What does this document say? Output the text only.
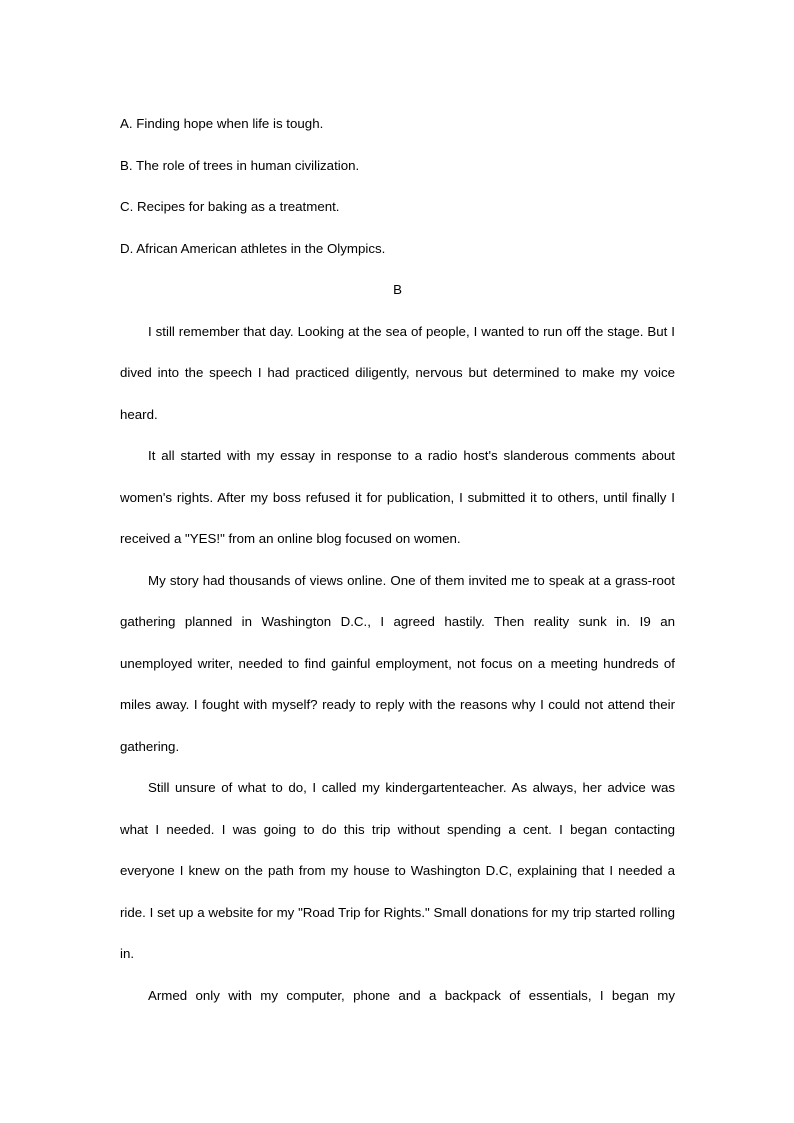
A. Finding hope when life is tough.

B. The role of trees in human civilization.

C. Recipes for baking as a treatment.

D. African American athletes in the Olympics.

B

I still remember that day. Looking at the sea of people, I wanted to run off the stage. But I dived into the speech I had practiced diligently, nervous but determined to make my voice heard.

It all started with my essay in response to a radio host's slanderous comments about women's rights. After my boss refused it for publication, I submitted it to others, until finally I received a "YES!" from an online blog focused on women.

My story had thousands of views online. One of them invited me to speak at a grass-root gathering planned in Washington D.C., I agreed hastily. Then reality sunk in. I9 an unemployed writer, needed to find gainful employment, not focus on a meeting hundreds of miles away. I fought with myself? ready to reply with the reasons why I could not attend their gathering.

Still unsure of what to do, I called my kindergartenteacher. As always, her advice was what I needed. I was going to do this trip without spending a cent. I began contacting everyone I knew on the path from my house to Washington D.C, explaining that I needed a ride. I set up a website for my "Road Trip for Rights." Small donations for my trip started rolling in.

Armed only with my computer, phone and a backpack of essentials, I began my
